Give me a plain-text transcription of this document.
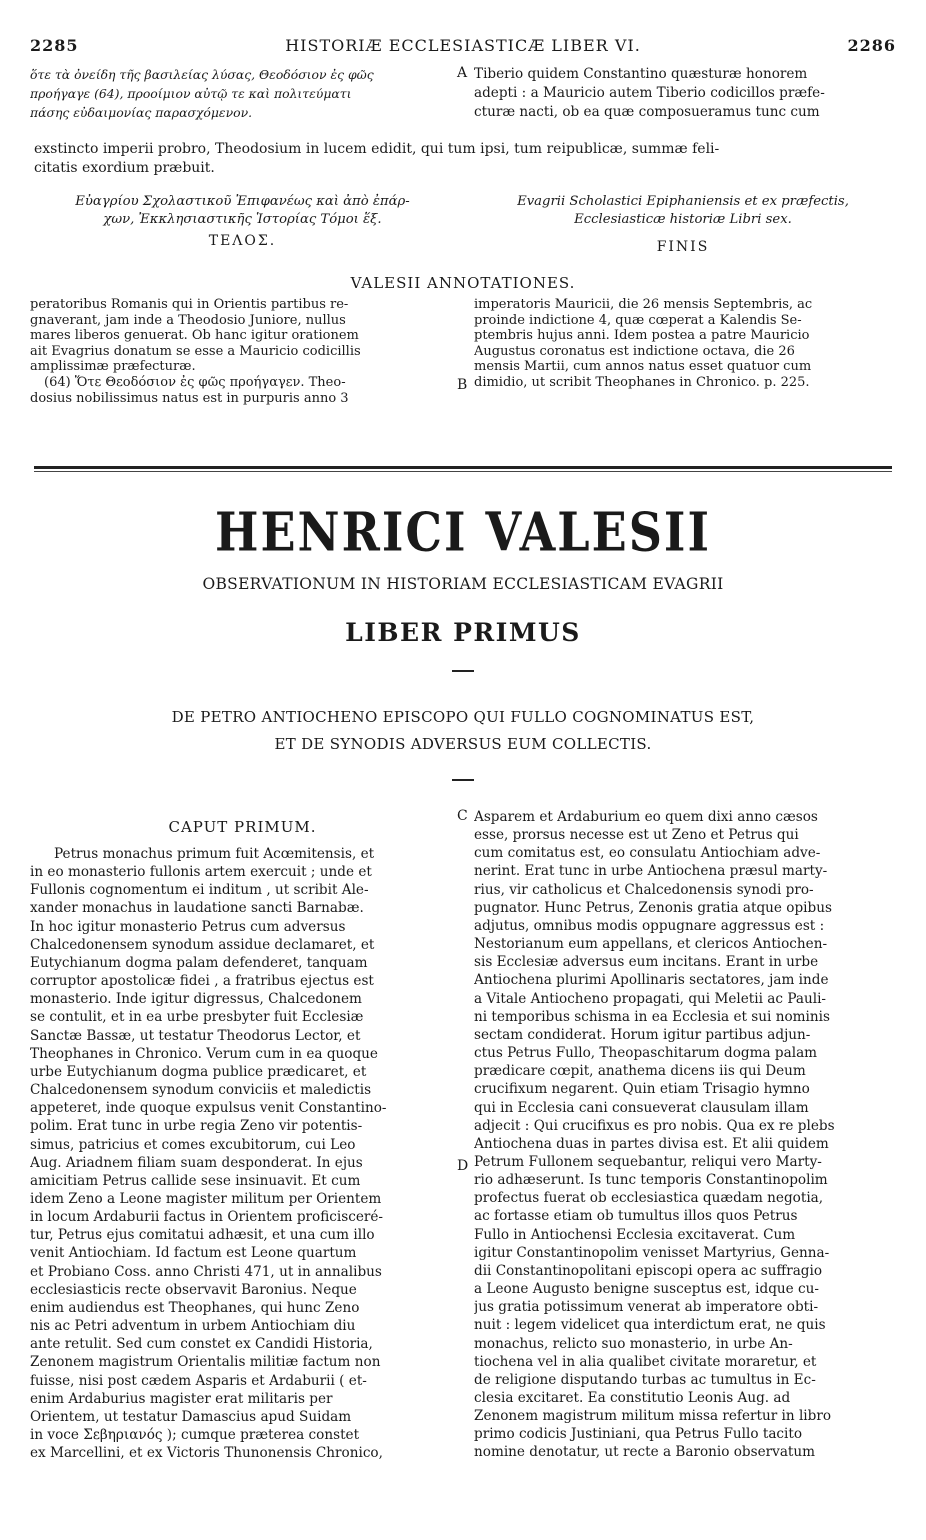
2285	HISTORIÆ ECCLESIASTICÆ LIBER VI.	2286
ὅτε τὰ ὀνείδη τῆς βασιλείας λύσας, Θεοδόσιον ἐς φῶς
προήγαγε (64), προοίμιον αὐτῷ τε καὶ πολιτεύματι
πάσης εὐδαιμονίας παρασχόμενον.
A Tiberio quidem Constantino quæsturæ honorem
adepti : a Mauricio autem Tiberio codicillos præfe-
cturæ nacti, ob ea quæ composueramus tunc cum
exstincto imperii probro, Theodosium in lucem edidit, qui tum ipsi, tum reipublicæ, summæ feli-
citatis exordium præbuit.
Εὐαγρίου Σχολαστικοῦ Ἐπιφανέως καὶ ἀπὸ ἐπάρ-
χων, Ἐκκλησιαστικῆς Ἱστορίας Τόμοι ἕξ.
Evagrii Scholastici Epiphaniensis et ex præfectis,
Ecclesiasticæ historiæ Libri sex.
ΤΕΛΟΣ.	FINIS
VALESII ANNOTATIONES.
peratoribus Romanis qui in Orientis partibus re-
gnaverant, jam inde a Theodosio Juniore, nullus
mares liberos genuerat. Ob hanc igitur orationem
ait Evagrius donatum se esse a Mauricio codicillis
amplissimæ præfecturæ.
(64) Ὅτε Θεοδόσιον ἐς φῶς προήγαγεν. Theo-
dosius nobilissimus natus est in purpuris anno 3
B
imperatoris Mauricii, die 26 mensis Septembris, ac
proinde indictione 4, quæ cœperat a Kalendis Se-
ptembris hujus anni. Idem postea a patre Mauricio
Augustus coronatus est indictione octava, die 26
mensis Martii, cum annos natus esset quatuor cum
dimidio, ut scribit Theophanes in Chronico. p. 225.
HENRICI VALESII
OBSERVATIONUM IN HISTORIAM ECCLESIASTICAM EVAGRII
LIBER PRIMUS
DE PETRO ANTIOCHENO EPISCOPO QUI FULLO COGNOMINATUS EST,
ET DE SYNODIS ADVERSUS EUM COLLECTIS.
CAPUT PRIMUM.
Petrus monachus primum fuit Acœmitensis, et
in eo monasterio fullonis artem exercuit ; unde et
Fullonis cognomentum ei inditum , ut scribit Ale-
xander monachus in laudatione sancti Barnabæ.
In hoc igitur monasterio Petrus cum adversus
Chalcedonensem synodum assidue declamaret, et
Eutychianum dogma palam defenderet, tanquam
corruptor apostolicæ fidei , a fratribus ejectus est
monasterio. Inde igitur digressus, Chalcedonem
se contulit, et in ea urbe presbyter fuit Ecclesiæ
Sanctæ Bassæ, ut testatur Theodorus Lector, et
Theophanes in Chronico. Verum cum in ea quoque
urbe Eutychianum dogma publice prædicaret, et
Chalcedonensem synodum conviciis et maledictis
appeteret, inde quoque expulsus venit Constantino-
polim. Erat tunc in urbe regia Zeno vir potentis-
simus, patricius et comes excubitorum, cui Leo
Aug. Ariadnem filiam suam desponderat. In ejus
amicitiam Petrus callide sese insinuavit. Et cum
idem Zeno a Leone magister militum per Orientem
in locum Ardaburii factus in Orientem proficisceré-
tur, Petrus ejus comitatui adhæsit, et una cum illo
venit Antiochiam. Id factum est Leone quartum
et Probiano Coss. anno Christi 471, ut in annalibus
ecclesiasticis recte observavit Baronius. Neque
enim audiendus est Theophanes, qui hunc Zeno
nis ac Petri adventum in urbem Antiochiam diu
ante retulit. Sed cum constet ex Candidi Historia,
Zenonem magistrum Orientalis militiæ factum non
fuisse, nisi post cædem Asparis et Ardaburii ( et-
enim Ardaburius magister erat militaris per
Orientem, ut testatur Damascius apud Suidam
in voce Σεβηριανός ); cumque præterea constet
ex Marcellini, et ex Victoris Thunonensis Chronico,
C
D
Asparem et Ardaburium eo quem dixi anno cæsos
esse, prorsus necesse est ut Zeno et Petrus qui
cum comitatus est, eo consulatu Antiochiam adve-
nerint. Erat tunc in urbe Antiochena præsul marty-
rius, vir catholicus et Chalcedonensis synodi pro-
pugnator. Hunc Petrus, Zenonis gratia atque opibus
adjutus, omnibus modis oppugnare aggressus est :
Nestorianum eum appellans, et clericos Antiochen-
sis Ecclesiæ adversus eum incitans. Erant in urbe
Antiochena plurimi Apollinaris sectatores, jam inde
a Vitale Antiocheno propagati, qui Meletii ac Pauli-
ni temporibus schisma in ea Ecclesia et sui nominis
sectam condiderat. Horum igitur partibus adjun-
ctus Petrus Fullo, Theopaschitarum dogma palam
prædicare cœpit, anathema dicens iis qui Deum
crucifixum negarent. Quin etiam Trisagio hymno
qui in Ecclesia cani consueverat clausulam illam
adjecit : Qui crucifixus es pro nobis. Qua ex re plebs
Antiochena duas in partes divisa est. Et alii quidem
Petrum Fullonem sequebantur, reliqui vero Marty-
rio adhæserunt. Is tunc temporis Constantinopolim
profectus fuerat ob ecclesiastica quædam negotia,
ac fortasse etiam ob tumultus illos quos Petrus
Fullo in Antiochensi Ecclesia excitaverat. Cum
igitur Constantinopolim venisset Martyrius, Genna-
dii Constantinopolitani episcopi opera ac suffragio
a Leone Augusto benigne susceptus est, idque cu-
jus gratia potissimum venerat ab imperatore obti-
nuit : legem videlicet qua interdictum erat, ne quis
monachus, relicto suo monasterio, in urbe An-
tiochena vel in alia qualibet civitate moraretur, et
de religione disputando turbas ac tumultus in Ec-
clesia excitaret. Ea constitutio Leonis Aug. ad
Zenonem magistrum militum missa refertur in libro
primo codicis Justiniani, qua Petrus Fullo tacito
nomine denotatur, ut recte a Baronio observatum
